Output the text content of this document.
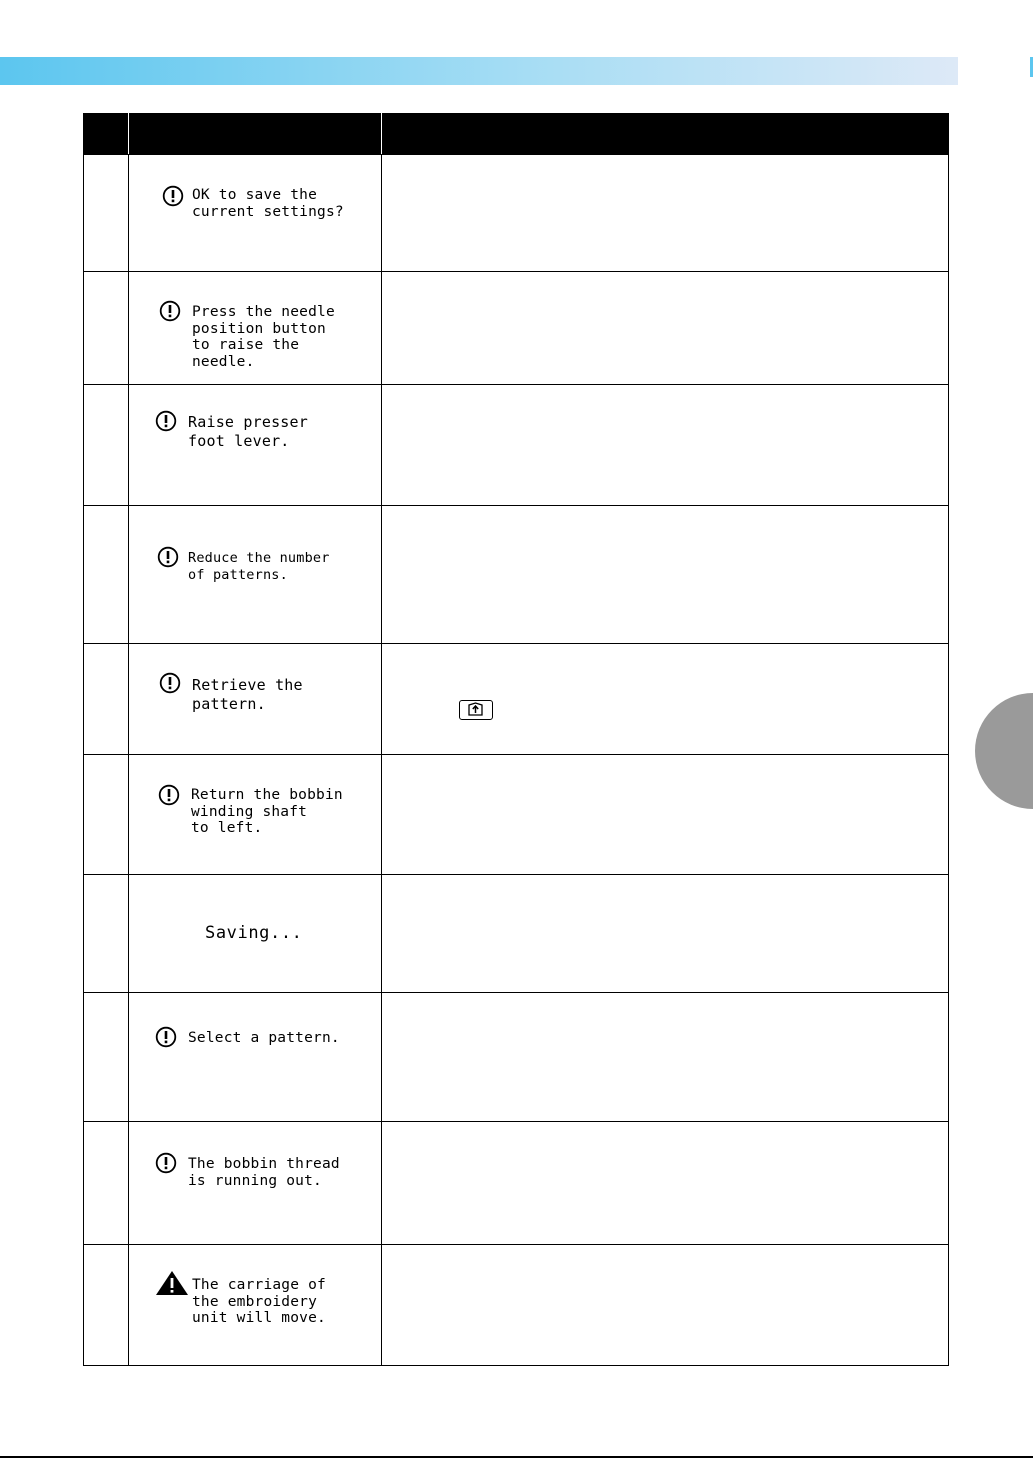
	OK to save the
current settings?	

	Press the needle
position button
to raise the
needle.	

	Raise presser
foot lever.	

	Reduce the number
of patterns.	

	Retrieve the
pattern.

	Return the bobbin
winding shaft
to left.	

	Saving...	

	Select a pattern.	

	The bobbin thread
is running out.	

	The carriage of
the embroidery
unit will move.	
